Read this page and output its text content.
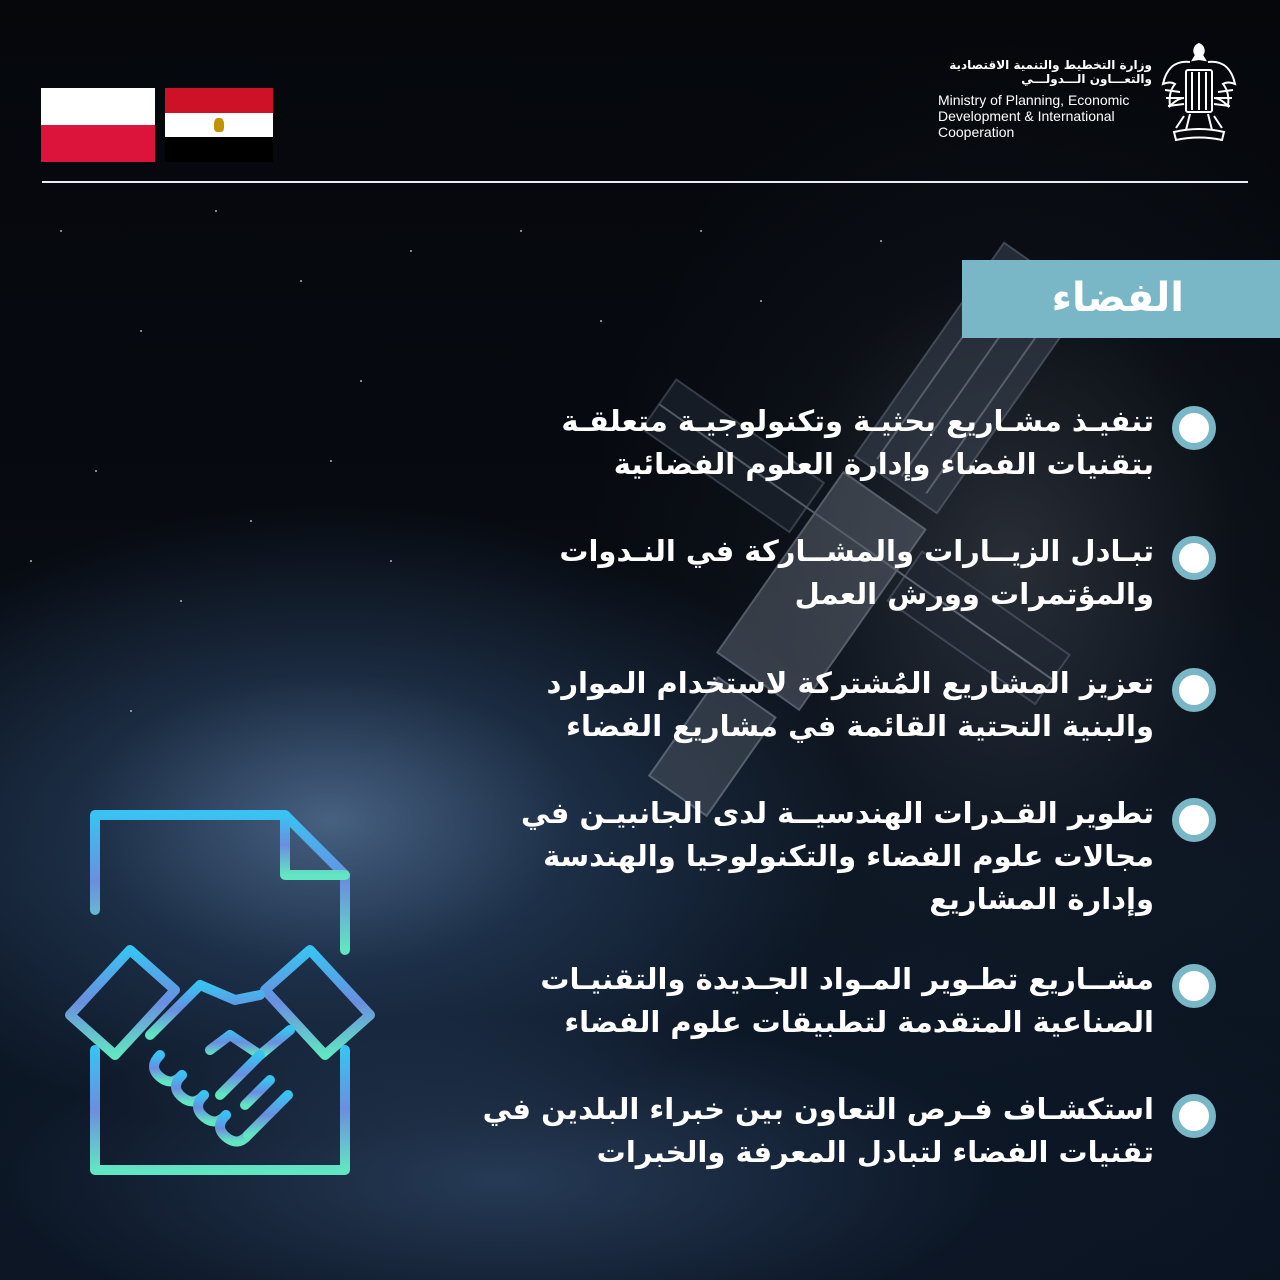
وزارة التخطيط والتنمية الاقتصادية
والتعـــاون الـــدولـــي
Ministry of Planning, Economic
Development & International
Cooperation
الفضاء
تنفيـذ مشـاريع بحثيـة وتكنولوجيـة متعلقـة بتقنيات الفضاء وإدارة العلوم الفضائية
تبـادل الزيــارات والمشــاركة في النـدوات والمؤتمرات وورش العمل
تعزيز المشاريع المُشتركة لاستخدام الموارد والبنية التحتية القائمة في مشاريع الفضاء
تطوير القـدرات الهندسيــة لدى الجانبيـن في مجالات علوم الفضاء والتكنولوجيا والهندسة وإدارة المشاريع
مشــاريع تطـوير المـواد الجـديدة والتقنيـات الصناعية المتقدمة لتطبيقات علوم الفضاء
استكشـاف فـرص التعاون بين خبراء البلدين في تقنيات الفضاء لتبادل المعرفة والخبرات
